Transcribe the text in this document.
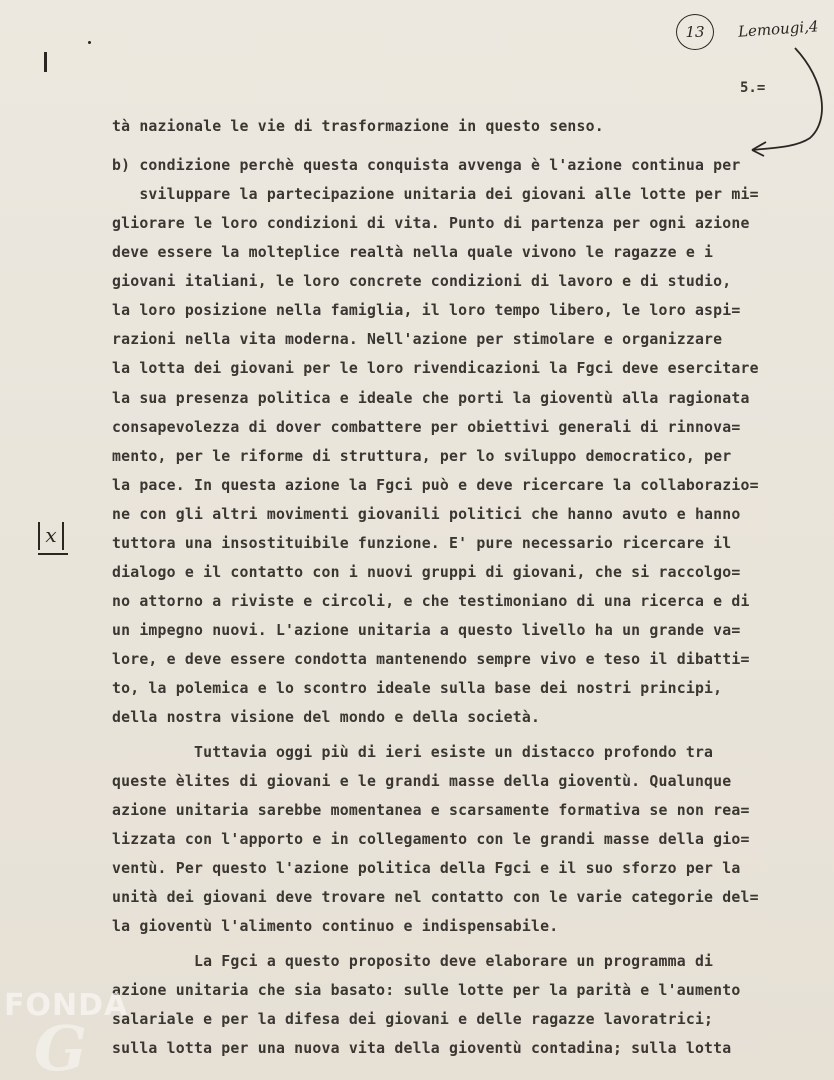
13 Lemougi,4
5.=
x
tà nazionale le vie di trasformazione in questo senso.
b) condizione perchè questa conquista avvenga è l'azione continua per
sviluppare la partecipazione unitaria dei giovani alle lotte per mi=
gliorare le loro condizioni di vita. Punto di partenza per ogni azione
deve essere la molteplice realtà nella quale vivono le ragazze e i
giovani italiani, le loro concrete condizioni di lavoro e di studio,
la loro posizione nella famiglia, il loro tempo libero, le loro aspi=
razioni nella vita moderna. Nell'azione per stimolare e organizzare
la lotta dei giovani per le loro rivendicazioni la Fgci deve esercitare
la sua presenza politica e ideale che porti la gioventù alla ragionata
consapevolezza di dover combattere per obiettivi generali di rinnova=
mento, per le riforme di struttura, per lo sviluppo democratico, per
la pace. In questa azione la Fgci può e deve ricercare la collaborazio=
ne con gli altri movimenti giovanili politici che hanno avuto e hanno
tuttora una insostituibile funzione. E' pure necessario ricercare il
dialogo e il contatto con i nuovi gruppi di giovani, che si raccolgo=
no attorno a riviste e circoli, e che testimoniano di una ricerca e di
un impegno nuovi. L'azione unitaria a questo livello ha un grande va=
lore, e deve essere condotta mantenendo sempre vivo e teso il dibatti=
to, la polemica e lo scontro ideale sulla base dei nostri principi,
della nostra visione del mondo e della società.
Tuttavia oggi più di ieri esiste un distacco profondo tra
queste èlites di giovani e le grandi masse della gioventù. Qualunque
azione unitaria sarebbe momentanea e scarsamente formativa se non rea=
lizzata con l'apporto e in collegamento con le grandi masse della gio=
ventù. Per questo l'azione politica della Fgci e il suo sforzo per la
unità dei giovani deve trovare nel contatto con le varie categorie del=
la gioventù l'alimento continuo e indispensabile.
La Fgci a questo proposito deve elaborare un programma di
azione unitaria che sia basato: sulle lotte per la parità e l'aumento
salariale e per la difesa dei giovani e delle ragazze lavoratrici;
sulla lotta per una nuova vita della gioventù contadina; sulla lotta
FONDA
G
